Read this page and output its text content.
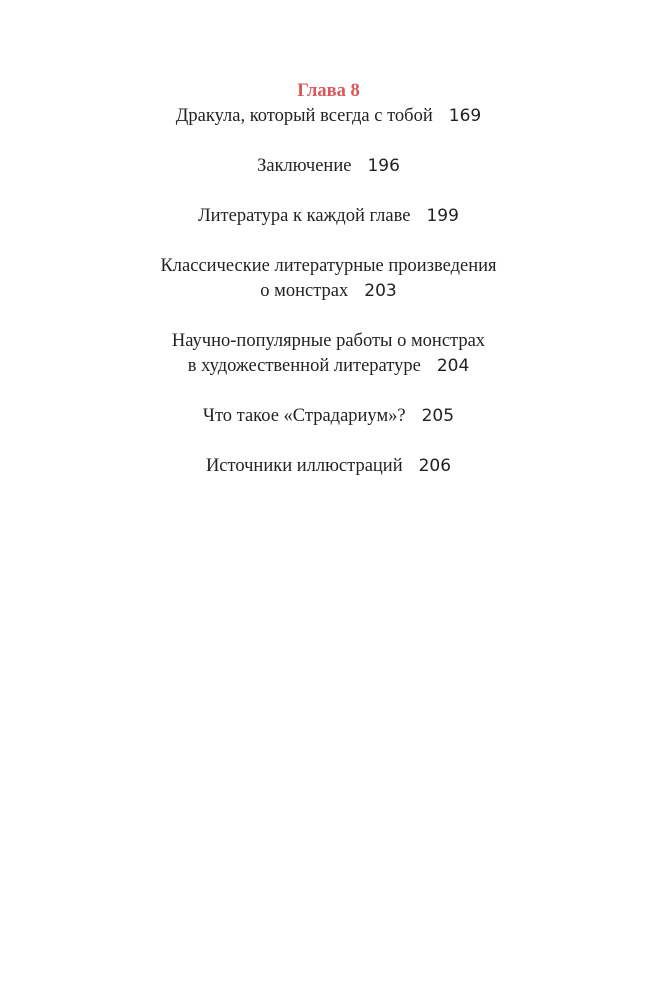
Глава 8
Дракула, который всегда с тобой 169
Заключение 196
Литература к каждой главе 199
Классические литературные произведения
о монстрах 203
Научно-популярные работы о монстрах
в художественной литературе 204
Что такое «Страдариум»? 205
Источники иллюстраций 206
